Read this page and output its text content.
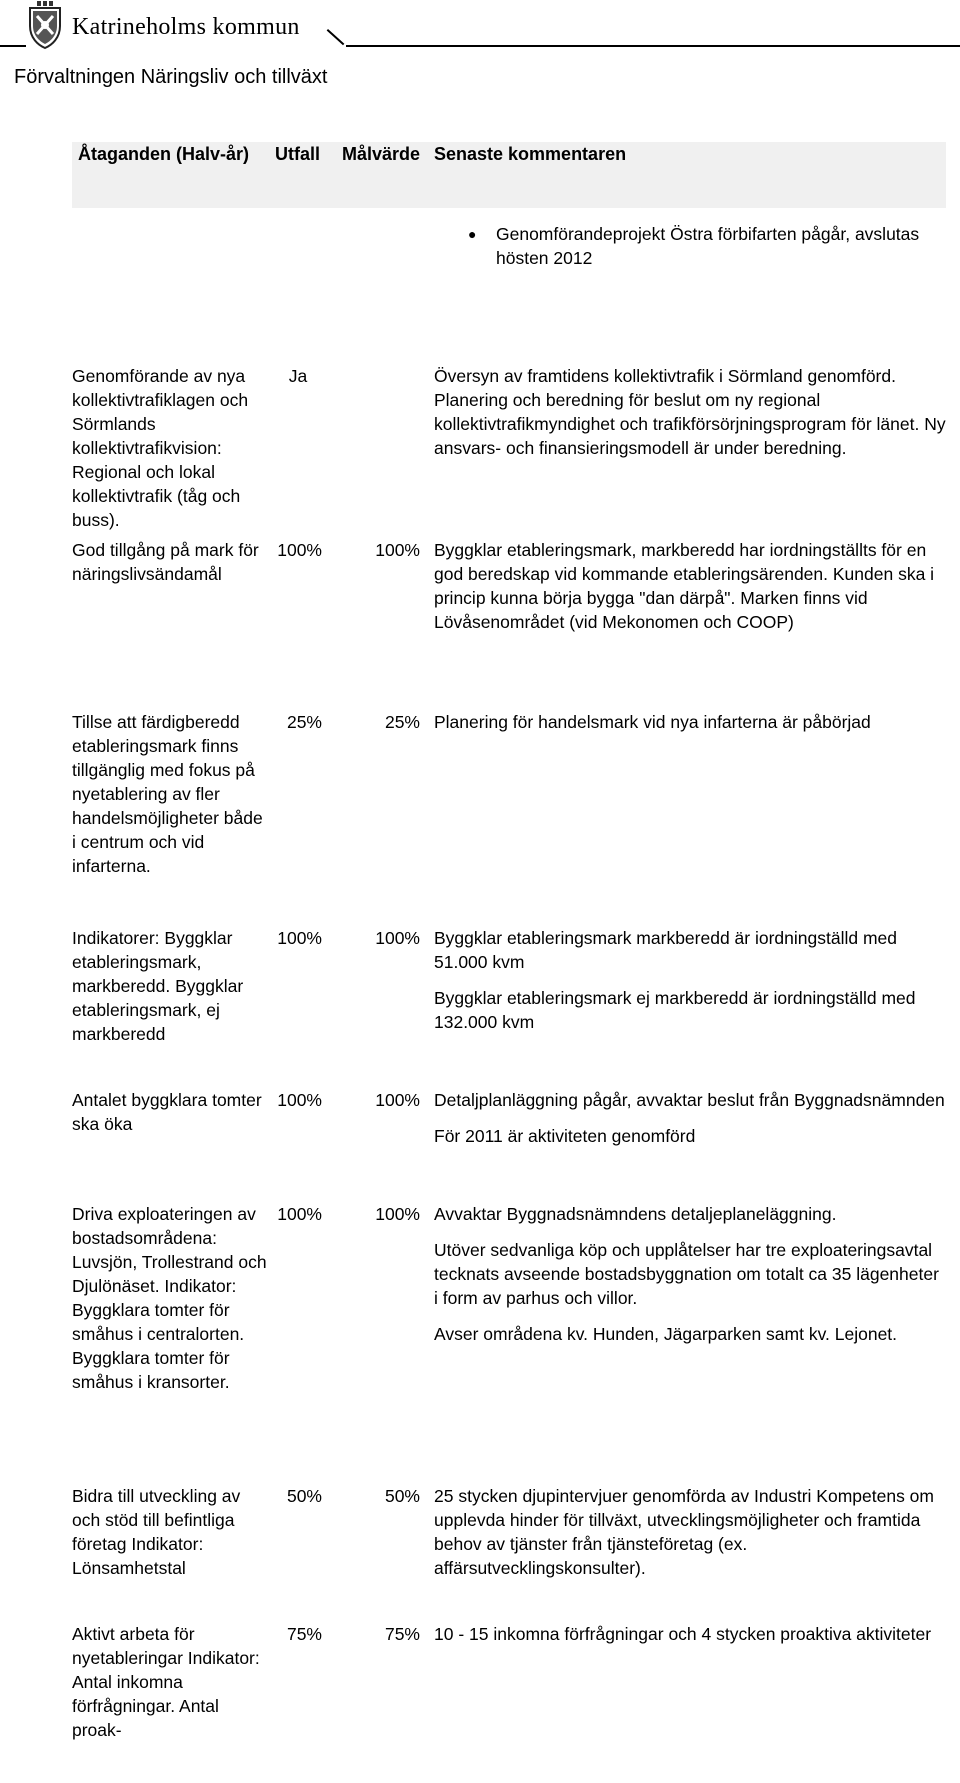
Katrineholms kommun
Förvaltningen Näringsliv och tillväxt
Åtaganden (Halv-år)	Utfall	Målvärde	Senaste kommentaren

			● Genomförandeprojekt Östra förbifarten pågår, avslutas hösten 2012

Genomförande av nya kollektivtrafiklagen och Sörmlands kollektivtrafikvision: Regional och lokal kollektivtrafik (tåg och buss).	Ja		Översyn av framtidens kollektivtrafik i Sörmland genomförd. Planering och beredning för beslut om ny regional kollektivtrafikmyndighet och trafikförsörjningsprogram för länet. Ny ansvars- och finansieringsmodell är under beredning.

God tillgång på mark för näringslivsändamål	100%	100%	Byggklar etableringsmark, markberedd har iordningställts för en god beredskap vid kommande etableringsärenden. Kunden ska i princip kunna börja bygga "dan därpå". Marken finns vid Lövåsenområdet (vid Mekonomen och COOP)

Tillse att färdigberedd etableringsmark finns tillgänglig med fokus på nyetablering av fler handelsmöjligheter både i centrum och vid infarterna.	25%	25%	Planering för handelsmark vid nya infarterna är påbörjad

Indikatorer: Byggklar etableringsmark, markberedd. Byggklar etableringsmark, ej markberedd	100%	100%	Byggklar etableringsmark markberedd är iordningställd med 51.000 kvm

Byggklar etableringsmark ej markberedd är iordningställd med 132.000 kvm

Antalet byggklara tomter ska öka	100%	100%	Detaljplanläggning pågår, avvaktar beslut från Byggnadsnämnden

För 2011 är aktiviteten genomförd

Driva exploateringen av bostadsområdena: Luvsjön, Trollestrand och Djulönäset. Indikator: Byggklara tomter för småhus i centralorten. Byggklara tomter för småhus i kransorter.	100%	100%	Avvaktar Byggnadsnämndens detaljeplaneläggning.

Utöver sedvanliga köp och upplåtelser har tre exploateringsavtal tecknats avseende bostadsbyggnation om totalt ca 35 lägenheter i form av parhus och villor.

Avser områdena kv. Hunden, Jägarparken samt kv. Lejonet.

Bidra till utveckling av och stöd till befintliga företag Indikator: Lönsamhetstal	50%	50%	25 stycken djupintervjuer genomförda av Industri Kompetens om upplevda hinder för tillväxt, utvecklingsmöjligheter och framtida behov av tjänster från tjänsteföretag (ex. affärsutvecklingskonsulter).

Aktivt arbeta för nyetableringar Indikator: Antal inkomna förfrågningar. Antal proak-	75%	75%	10 - 15 inkomna förfrågningar och 4 stycken proaktiva aktiviteter
